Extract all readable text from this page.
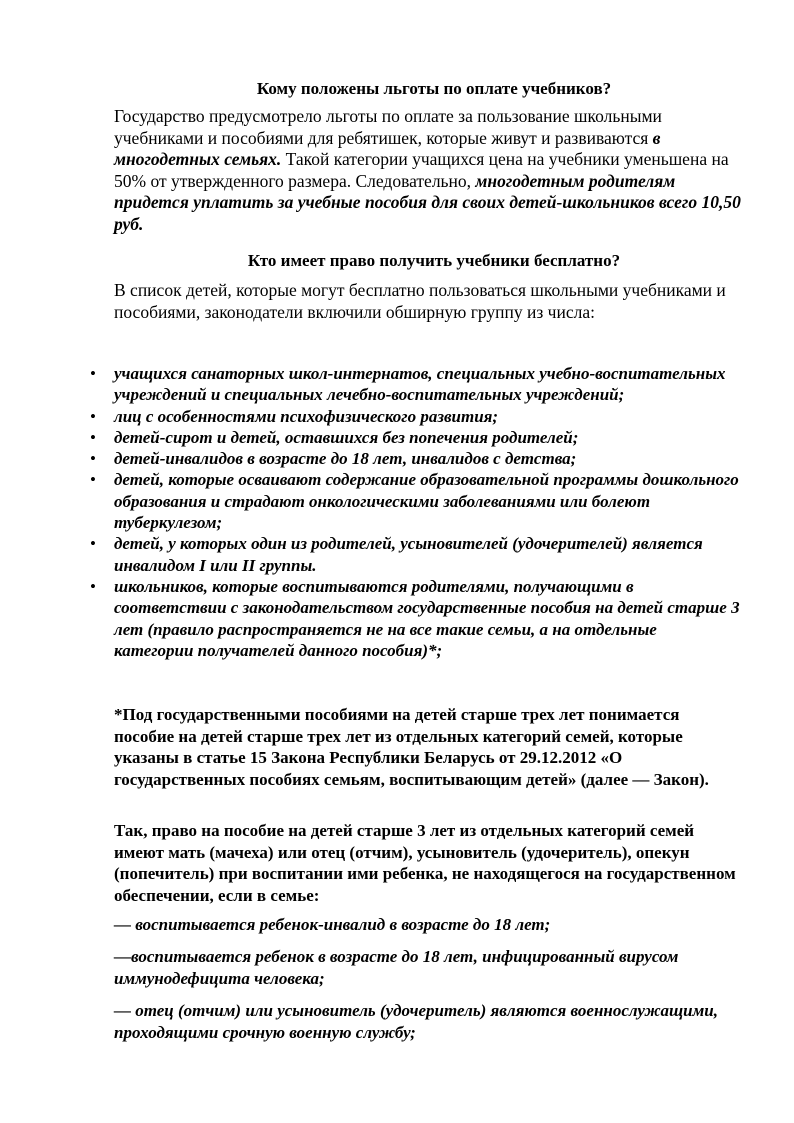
Кому положены льготы по оплате учебников?

Государство предусмотрело льготы по оплате за пользование школьными учебниками и пособиями для ребятишек, которые живут и развиваются в многодетных семьях. Такой категории учащихся цена на учебники уменьшена на 50% от утвержденного размера. Следовательно, многодетным родителям придется уплатить за учебные пособия для своих детей-школьников всего 10,50 руб.

Кто имеет право получить учебники бесплатно?

В список детей, которые могут бесплатно пользоваться школьными учебниками и пособиями, законодатели включили обширную группу из числа:

• учащихся санаторных школ-интернатов, специальных учебно-воспитательных учреждений и специальных лечебно-воспитательных учреждений;
• лиц с особенностями психофизического развития;
• детей-сирот и детей, оставшихся без попечения родителей;
• детей-инвалидов в возрасте до 18 лет, инвалидов с детства;
• детей, которые осваивают содержание образовательной программы дошкольного образования и страдают онкологическими заболеваниями или болеют туберкулезом;
• детей, у которых один из родителей, усыновителей (удочерителей) является инвалидом I или II группы.
• школьников, которые воспитываются родителями, получающими в соответствии с законодательством государственные пособия на детей старше 3 лет (правило распространяется не на все такие семьи, а на отдельные категории получателей данного пособия)*;

*Под государственными пособиями на детей старше трех лет понимается пособие на детей старше трех лет из отдельных категорий семей, которые указаны в статье 15 Закона Республики Беларусь от 29.12.2012 «О государственных пособиях семьям, воспитывающим детей» (далее — Закон).

Так, право на пособие на детей старше 3 лет из отдельных категорий семей имеют мать (мачеха) или отец (отчим), усыновитель (удочеритель), опекун (попечитель) при воспитании ими ребенка, не находящегося на государственном обеспечении, если в семье:

— воспитывается ребенок-инвалид в возрасте до 18 лет;

—воспитывается ребенок в возрасте до 18 лет, инфицированный вирусом иммунодефицита человека;

— отец (отчим) или усыновитель (удочеритель) являются военнослужащими, проходящими срочную военную службу;
